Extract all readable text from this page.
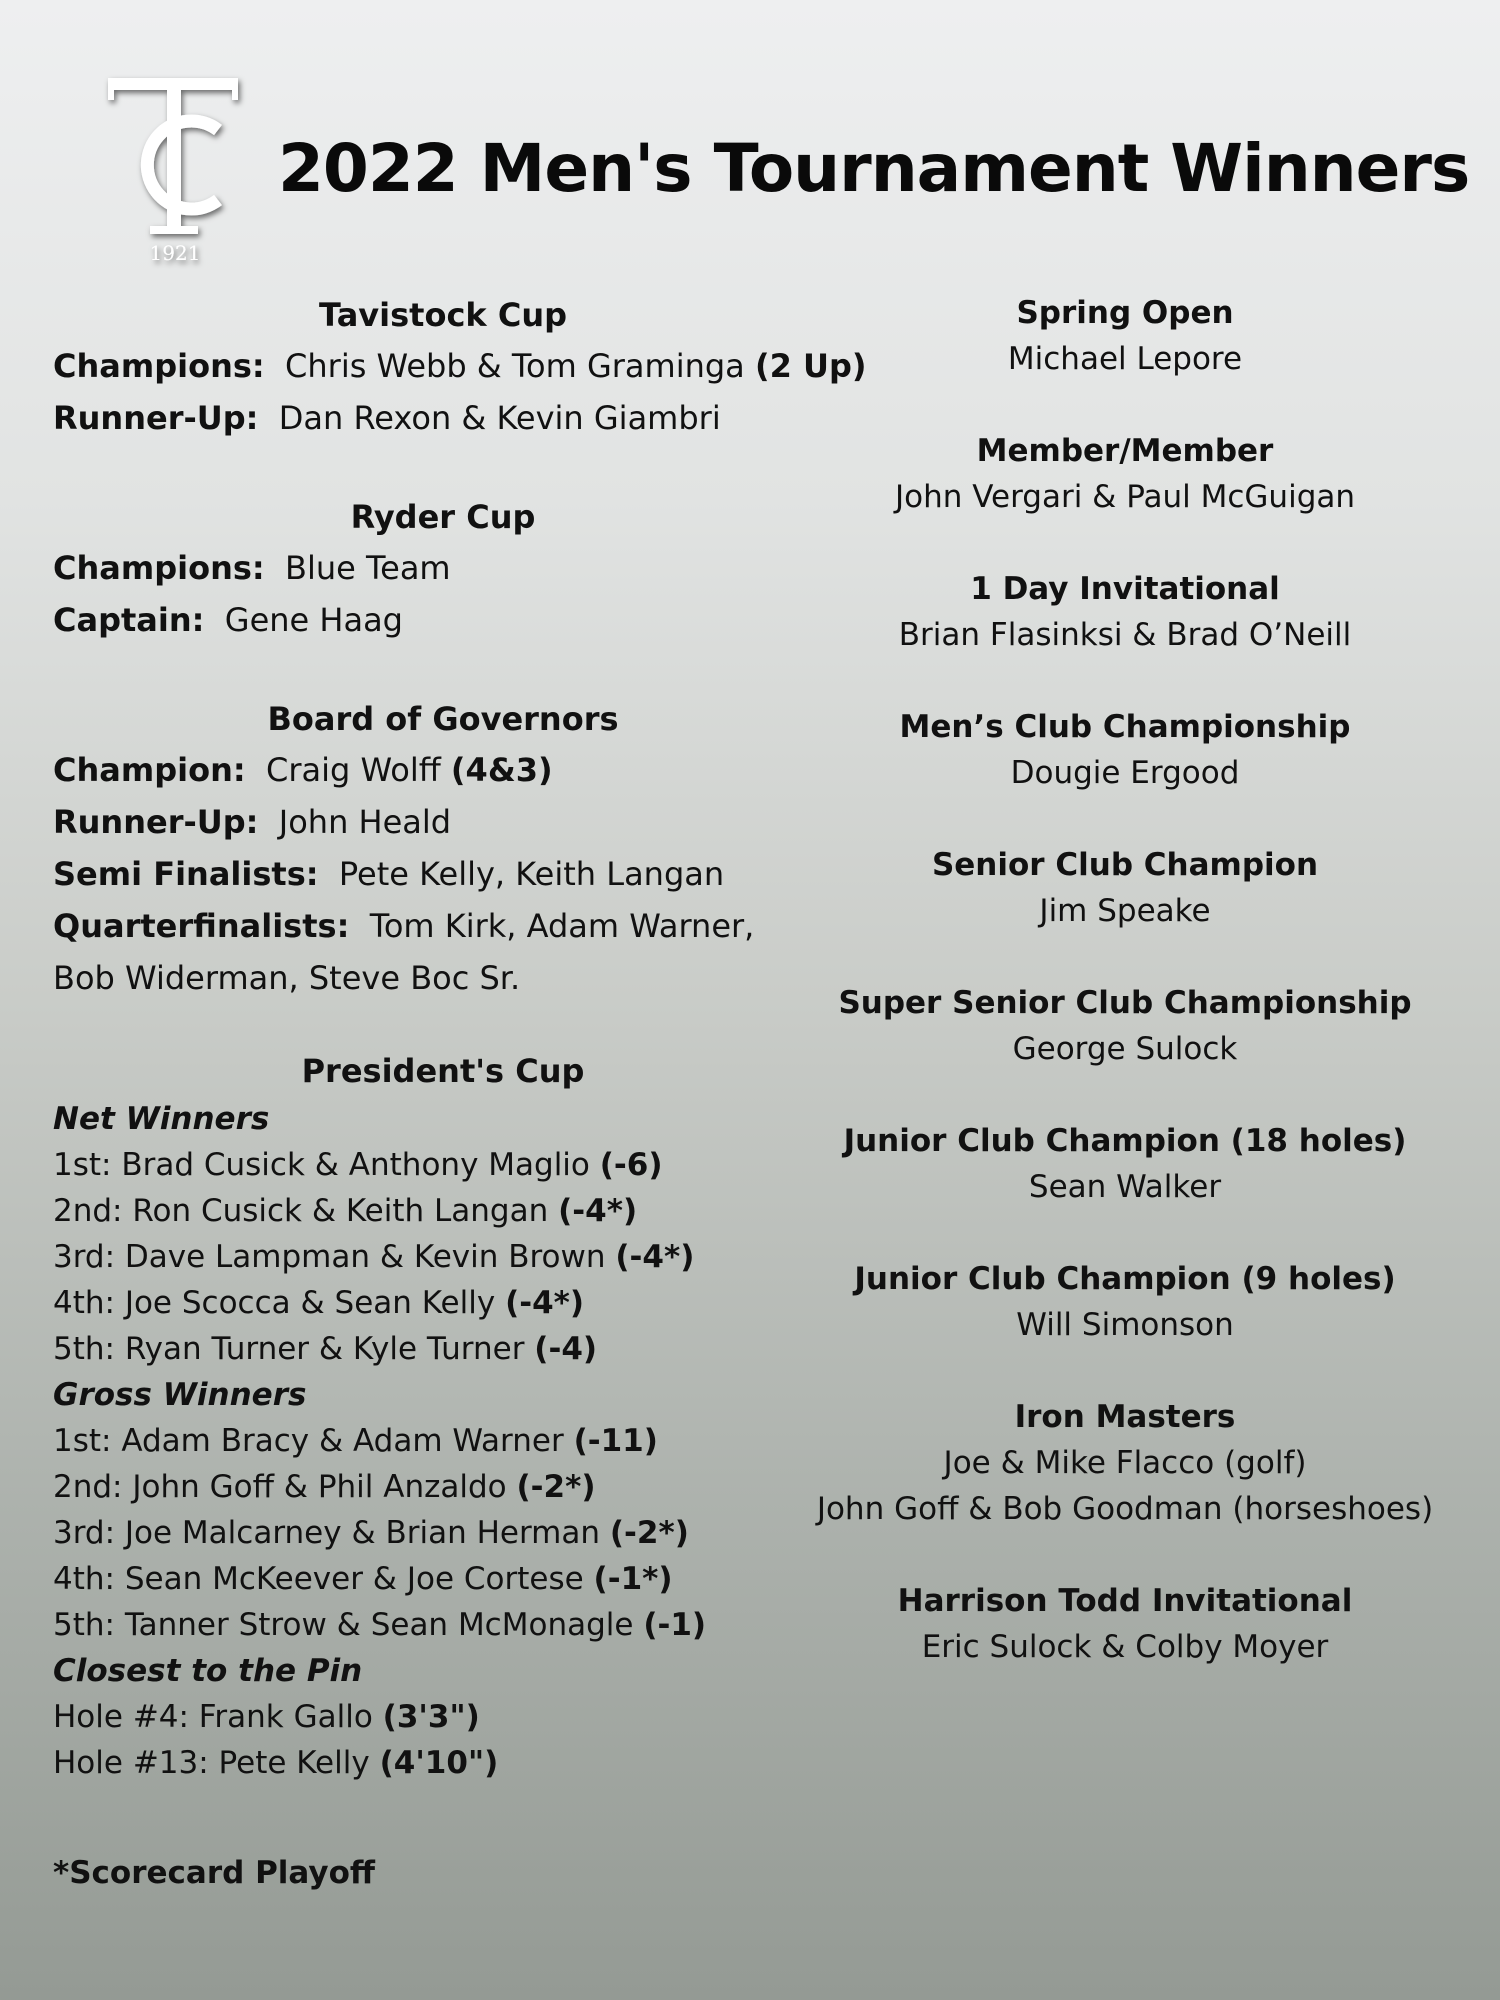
1921
2022 Men's Tournament Winners
Tavistock Cup
Champions: Chris Webb & Tom Graminga (2 Up)
Runner-Up: Dan Rexon & Kevin Giambri
Ryder Cup
Champions: Blue Team
Captain: Gene Haag
Board of Governors
Champion: Craig Wolff (4&3)
Runner-Up: John Heald
Semi Finalists: Pete Kelly, Keith Langan
Quarterfinalists: Tom Kirk, Adam Warner,
Bob Widerman, Steve Boc Sr.
President's Cup
Net Winners
1st: Brad Cusick & Anthony Maglio (-6)
2nd: Ron Cusick & Keith Langan (-4*)
3rd: Dave Lampman & Kevin Brown (-4*)
4th: Joe Scocca & Sean Kelly (-4*)
5th: Ryan Turner & Kyle Turner (-4)
Gross Winners
1st: Adam Bracy & Adam Warner (-11)
2nd: John Goff & Phil Anzaldo (-2*)
3rd: Joe Malcarney & Brian Herman (-2*)
4th: Sean McKeever & Joe Cortese (-1*)
5th: Tanner Strow & Sean McMonagle (-1)
Closest to the Pin
Hole #4: Frank Gallo (3'3")
Hole #13: Pete Kelly (4'10")
Spring Open
Michael Lepore
Member/Member
John Vergari & Paul McGuigan
1 Day Invitational
Brian Flasinksi & Brad O’Neill
Men’s Club Championship
Dougie Ergood
Senior Club Champion
Jim Speake
Super Senior Club Championship
George Sulock
Junior Club Champion (18 holes)
Sean Walker
Junior Club Champion (9 holes)
Will Simonson
Iron Masters
Joe & Mike Flacco (golf)
John Goff & Bob Goodman (horseshoes)
Harrison Todd Invitational
Eric Sulock & Colby Moyer
*Scorecard Playoff
